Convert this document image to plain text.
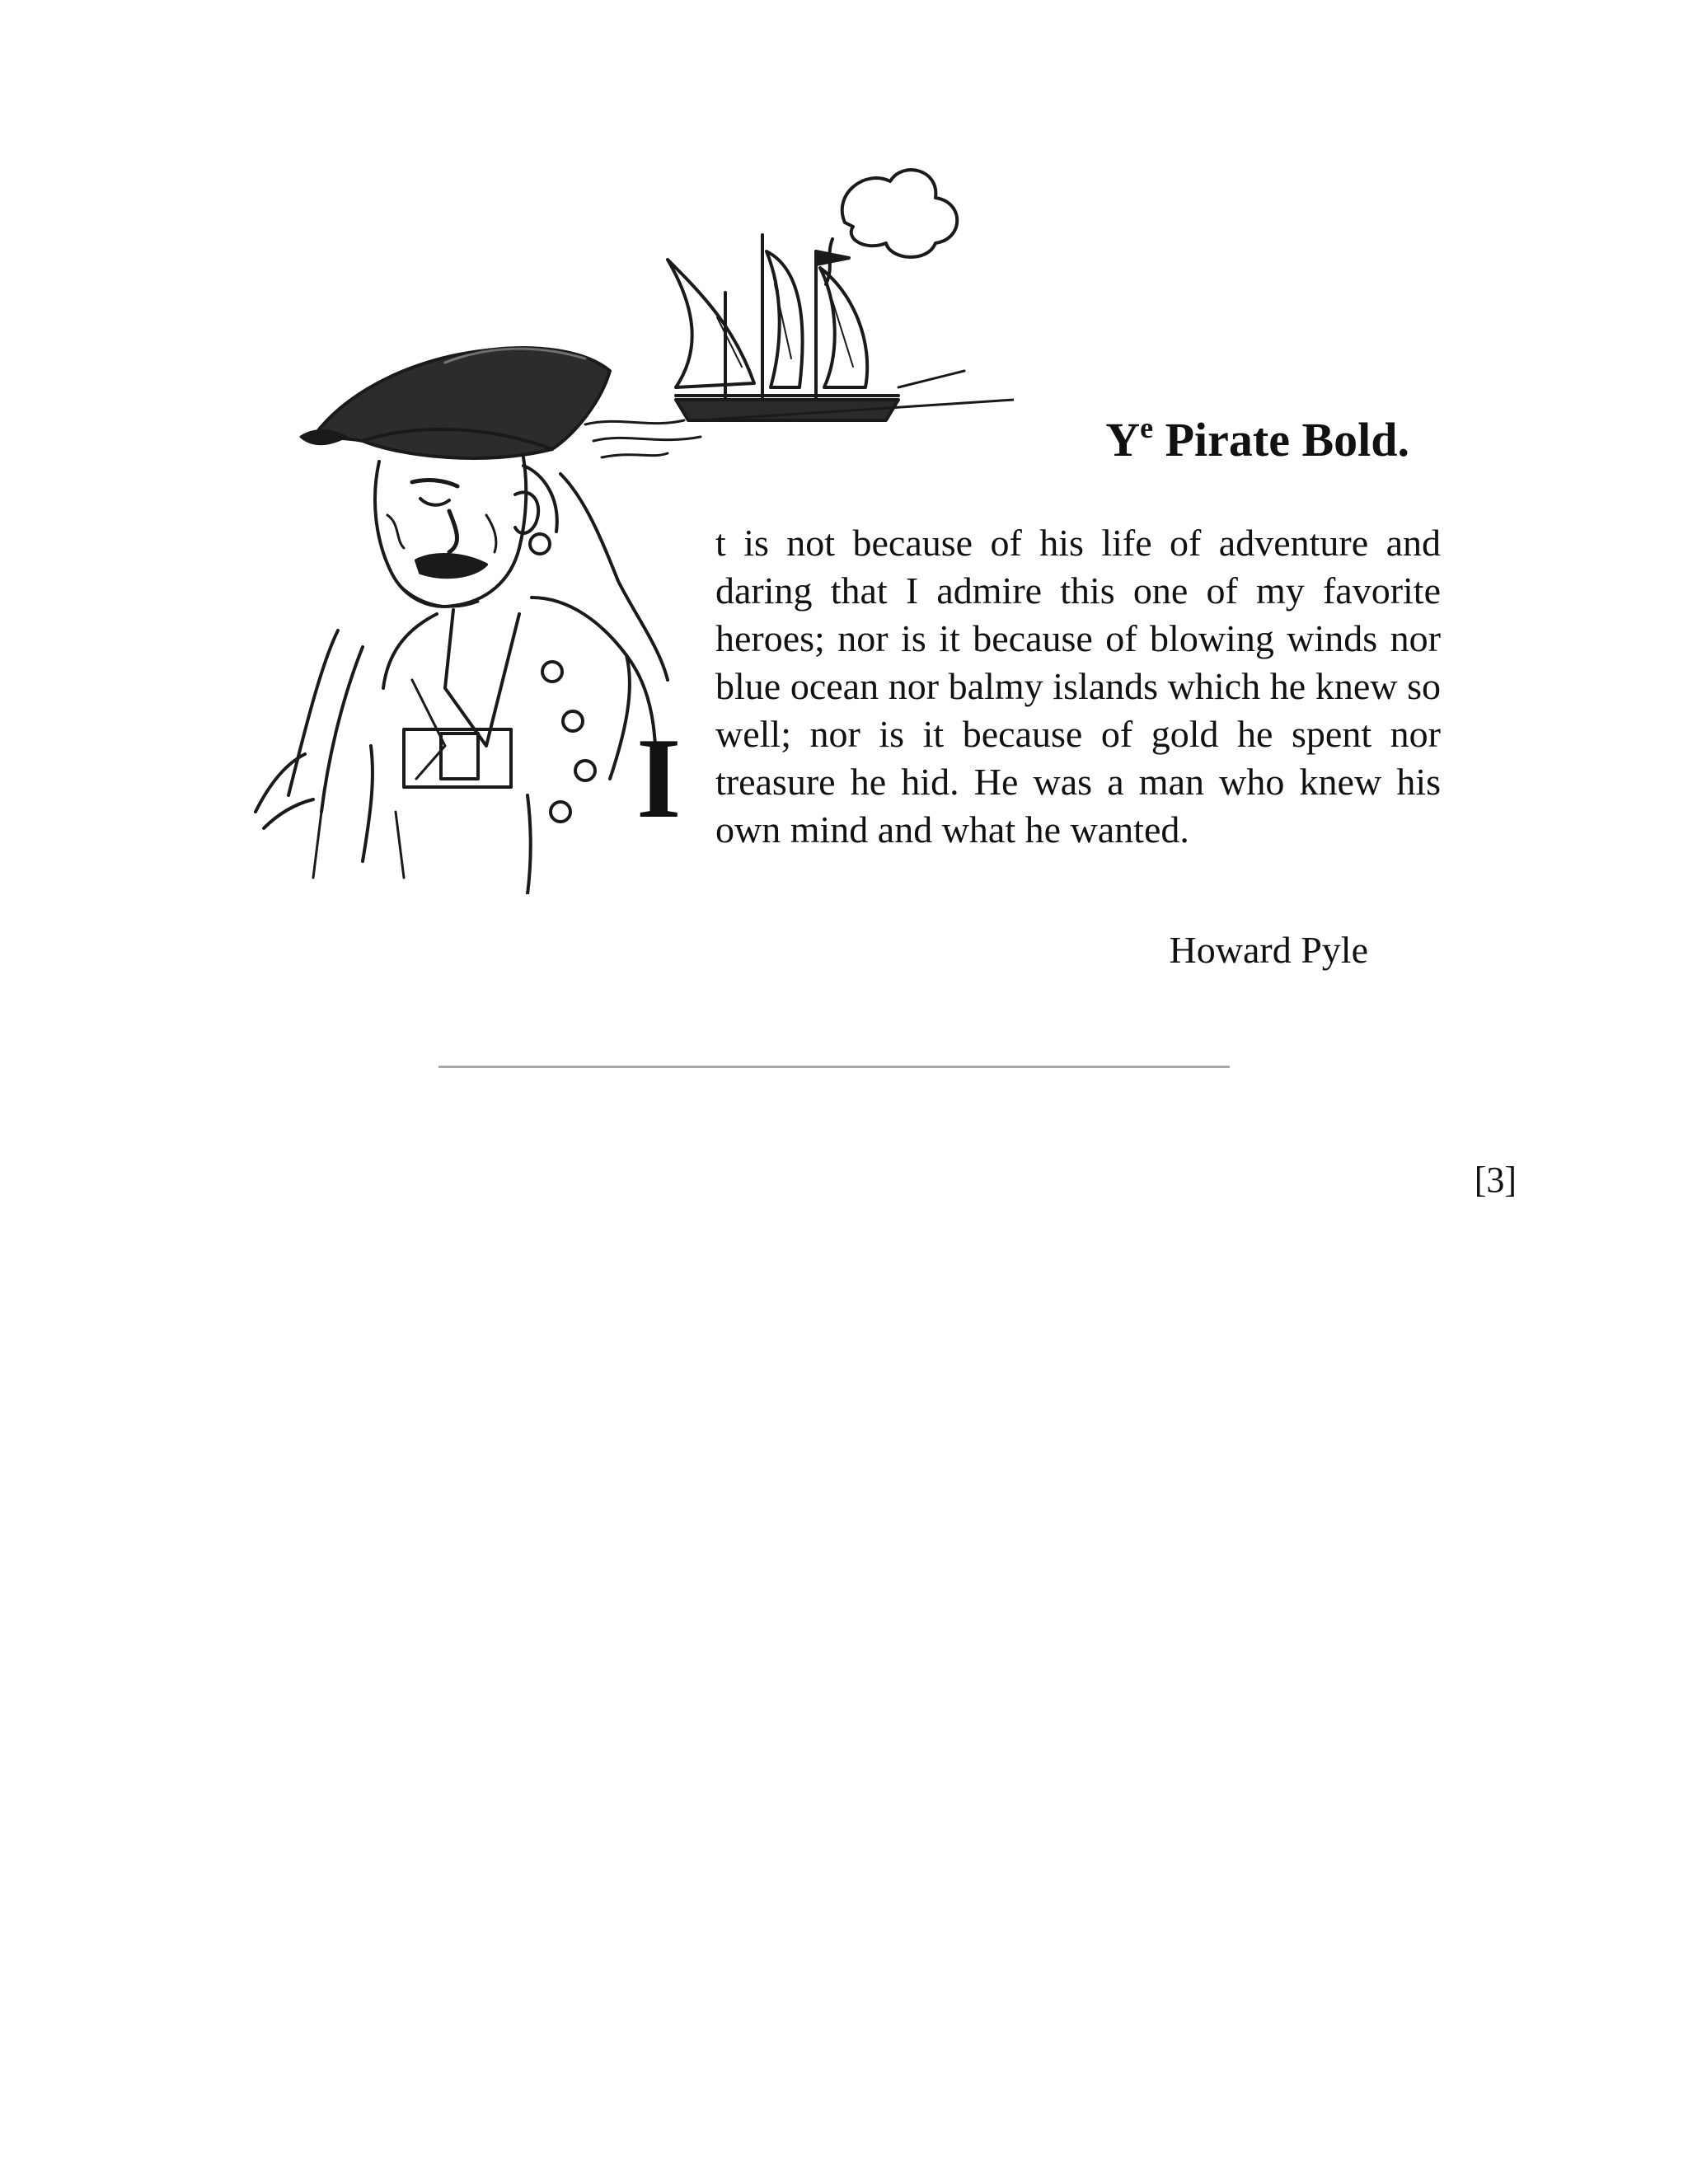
$Y^e$ Pirate Bold.
I

t is not because of his life of adventure and daring that I admire this one of my favorite heroes; nor is it because of blowing winds nor blue ocean nor balmy islands which he knew so well; nor is it because of gold he spent nor treasure he hid. He was a man who knew his own mind and what he wanted.

Howard Pyle
[3]
